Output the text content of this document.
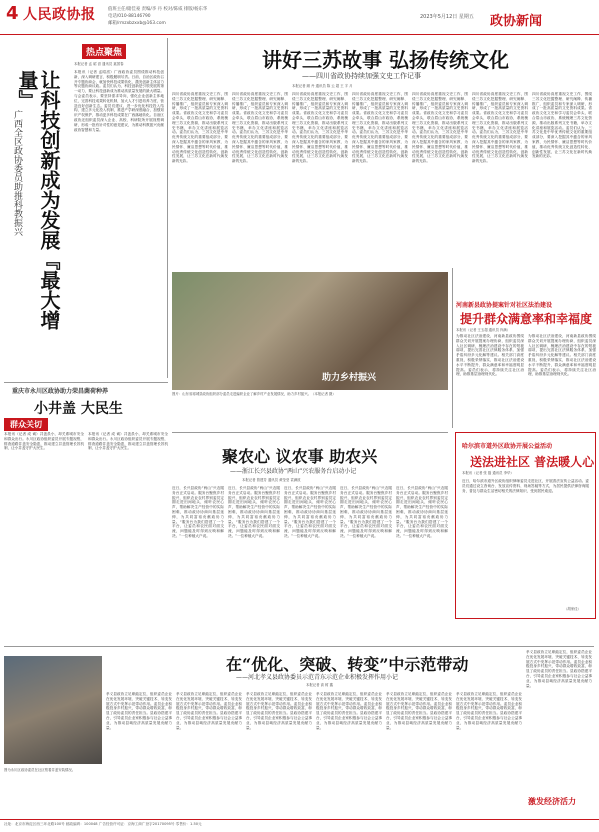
4 人民政协报	值班主任/储佳豪 责编/李 丹 校对/陈威 排版/杨东华
电话/010-88146790
邮箱/rmzxbzxxb@163.com
2023年5月12日 星期五 政协新闻
热点聚焦
让科技创新成为发展『最大增量』
广西全区政协委员助推科教振兴
本报记者 孟 昭 嵩 通讯员 莫国春
本报讯（记者 孟昭嵩）广西政协委员围绕推动科技创新，深入调研建言，积极履职尽责。日前，自治区政协召开专题协商会，就加快科技成果转化、激发创新主体活力等议题协商议政。委员们认为，科技创新是引领发展的第一动力，要让科技创新成为推动高质量发展的最大增量。与会委员表示，要坚持需求导向，强化企业创新主体地位，完善科技成果转化机制，加大人才引进培养力度，营造良好创新生态。委员们建议，进一步优化科技投入结构，建立多元化投入机制，推进产学研深度融合，加强知识产权保护，推动更多科技成果在广西落地转化。自治区政协还组织委员深入企业、高校、科研院所开展视察调研，形成一批有针对性的意见建议，为推动科教振兴贡献政协智慧和力量。
讲好三苏故事 弘扬传统文化
——四川省政协持续加强文史工作记事
本报记者 顾 丹 通讯员 陈 云 超 王 宇 月
四川省政协高度重视文史工作，围绕三苏文化挖掘整理、研究阐释、传播推广，组织委员和专家深入调研，形成了一批高质量的文史资料成果。省政协文化文史和学习委员会牵头，联合眉山市政协，系统梳理三苏文化资源，推动出版系列文史书籍，举办文化讲座和展览活动。委员们认为，三苏文化是中华优秀传统文化的重要组成部分，要深入挖掘其中蕴含的家风家教、为民情怀、廉洁思想等时代价值，推动优秀传统文化创造性转化、创新性发展，让三苏文化在新时代焕发新的光彩。
四川省政协高度重视文史工作，围绕三苏文化挖掘整理、研究阐释、传播推广，组织委员和专家深入调研，形成了一批高质量的文史资料成果。省政协文化文史和学习委员会牵头，联合眉山市政协，系统梳理三苏文化资源，推动出版系列文史书籍，举办文化讲座和展览活动。委员们认为，三苏文化是中华优秀传统文化的重要组成部分，要深入挖掘其中蕴含的家风家教、为民情怀、廉洁思想等时代价值，推动优秀传统文化创造性转化、创新性发展，让三苏文化在新时代焕发新的光彩。
四川省政协高度重视文史工作，围绕三苏文化挖掘整理、研究阐释、传播推广，组织委员和专家深入调研，形成了一批高质量的文史资料成果。省政协文化文史和学习委员会牵头，联合眉山市政协，系统梳理三苏文化资源，推动出版系列文史书籍，举办文化讲座和展览活动。委员们认为，三苏文化是中华优秀传统文化的重要组成部分，要深入挖掘其中蕴含的家风家教、为民情怀、廉洁思想等时代价值，推动优秀传统文化创造性转化、创新性发展，让三苏文化在新时代焕发新的光彩。
四川省政协高度重视文史工作，围绕三苏文化挖掘整理、研究阐释、传播推广，组织委员和专家深入调研，形成了一批高质量的文史资料成果。省政协文化文史和学习委员会牵头，联合眉山市政协，系统梳理三苏文化资源，推动出版系列文史书籍，举办文化讲座和展览活动。委员们认为，三苏文化是中华优秀传统文化的重要组成部分，要深入挖掘其中蕴含的家风家教、为民情怀、廉洁思想等时代价值，推动优秀传统文化创造性转化、创新性发展，让三苏文化在新时代焕发新的光彩。
四川省政协高度重视文史工作，围绕三苏文化挖掘整理、研究阐释、传播推广，组织委员和专家深入调研，形成了一批高质量的文史资料成果。省政协文化文史和学习委员会牵头，联合眉山市政协，系统梳理三苏文化资源，推动出版系列文史书籍，举办文化讲座和展览活动。委员们认为，三苏文化是中华优秀传统文化的重要组成部分，要深入挖掘其中蕴含的家风家教、为民情怀、廉洁思想等时代价值，推动优秀传统文化创造性转化、创新性发展，让三苏文化在新时代焕发新的光彩。
四川省政协高度重视文史工作，围绕三苏文化挖掘整理、研究阐释、传播推广，组织委员和专家深入调研，形成了一批高质量的文史资料成果。省政协文化文史和学习委员会牵头，联合眉山市政协，系统梳理三苏文化资源，推动出版系列文史书籍，举办文化讲座和展览活动。委员们认为，三苏文化是中华优秀传统文化的重要组成部分，要深入挖掘其中蕴含的家风家教、为民情怀、廉洁思想等时代价值，推动优秀传统文化创造性转化、创新性发展，让三苏文化在新时代焕发新的光彩。
四川省政协高度重视文史工作，围绕三苏文化挖掘整理、研究阐释、传播推广，组织委员和专家深入调研，形成了一批高质量的文史资料成果。省政协文化文史和学习委员会牵头，联合眉山市政协，系统梳理三苏文化资源，推动出版系列文史书籍，举办文化讲座和展览活动。委员们认为，三苏文化是中华优秀传统文化的重要组成部分，要深入挖掘其中蕴含的家风家教、为民情怀、廉洁思想等时代价值，推动优秀传统文化创造性转化、创新性发展，让三苏文化在新时代焕发新的光彩。
助力乡村振兴
图片：山东省郯城县政协组织部分委员走进编织企业了解乡村产业发展情况，助力乡村振兴。（本报记者 摄）
河南新县政协提案针对社区法治建设
提升群众满意率和幸福度
本报讯（记者 王玉超 通讯员 肖满）
为推动社区法治建设，河南新县政协围绕群众关切开展提案办理协商，组织委员深入社区调研，梳理法治建设中存在的短板弱项，提出完善社区法律服务体系、加强矛盾纠纷多元化解等建议。相关部门高度重视，积极采纳落实，推动社区法治建设水平不断提升，群众满意率和幸福度明显提高。委员们表示，将持续关注社区治理，助推基层治理现代化。
为推动社区法治建设，河南新县政协围绕群众关切开展提案办理协商，组织委员深入社区调研，梳理法治建设中存在的短板弱项，提出完善社区法律服务体系、加强矛盾纠纷多元化解等建议。相关部门高度重视，积极采纳落实，推动社区法治建设水平不断提升，群众满意率和幸福度明显提高。委员们表示，将持续关注社区治理，助推基层治理现代化。
重庆市永川区政协助力荣昌菌荷种养
小井盖 大民生
群众关切
本报讯（记者 成 诚）井盖虽小，却关系城市安全和群众出行。永川区政协组织委员开展专题视察，排查道路井盖安全隐患，推动建立井盖管理长效机制，让小井盖守护大民生。
本报讯（记者 成 诚）井盖虽小，却关系城市安全和群众出行。永川区政协组织委员开展专题视察，排查道路井盖安全隐患，推动建立井盖管理长效机制，让小井盖守护大民生。	聚农心 议农事 助农兴
——浙江长兴县政协“两山”兴农服务台启动小记
本报记者 曾建芳 通讯员 黄莹莹 袁满波
近日，长兴县政协“两山”兴农服务台正式启动。服务台聚焦乡村振兴，组织农业农村界别委员定期走进田间地头，倾听农民心声，帮助解决生产经营中的实际困难，推动政协协商向基层延伸，为共同富裕贡献政协力量。“服务台为我们搭建了一个平台，让委员和农民面对面交流，问题能及时得到反映和解决。”一位种植大户说。
近日，长兴县政协“两山”兴农服务台正式启动。服务台聚焦乡村振兴，组织农业农村界别委员定期走进田间地头，倾听农民心声，帮助解决生产经营中的实际困难，推动政协协商向基层延伸，为共同富裕贡献政协力量。“服务台为我们搭建了一个平台，让委员和农民面对面交流，问题能及时得到反映和解决。”一位种植大户说。
近日，长兴县政协“两山”兴农服务台正式启动。服务台聚焦乡村振兴，组织农业农村界别委员定期走进田间地头，倾听农民心声，帮助解决生产经营中的实际困难，推动政协协商向基层延伸，为共同富裕贡献政协力量。“服务台为我们搭建了一个平台，让委员和农民面对面交流，问题能及时得到反映和解决。”一位种植大户说。
近日，长兴县政协“两山”兴农服务台正式启动。服务台聚焦乡村振兴，组织农业农村界别委员定期走进田间地头，倾听农民心声，帮助解决生产经营中的实际困难，推动政协协商向基层延伸，为共同富裕贡献政协力量。“服务台为我们搭建了一个平台，让委员和农民面对面交流，问题能及时得到反映和解决。”一位种植大户说。
近日，长兴县政协“两山”兴农服务台正式启动。服务台聚焦乡村振兴，组织农业农村界别委员定期走进田间地头，倾听农民心声，帮助解决生产经营中的实际困难，推动政协协商向基层延伸，为共同富裕贡献政协力量。“服务台为我们搭建了一个平台，让委员和农民面对面交流，问题能及时得到反映和解决。”一位种植大户说。
哈尔滨市道外区政协开展公益活动
送法进社区 普法暖人心
本报讯（记者 张 磊 通讯员 李华）
近日，哈尔滨市道外区政协组织律师委员走进社区，开展普法宣传公益活动。委员们通过设立咨询台、发放宣传资料、现场答疑等方式，为居民提供法律咨询服务，普及与群众生活密切相关的法律知识，受到居民欢迎。
（胡家佳）
图为永川区政协委员在社区察看井盖安装情况。
在“优化、突破、转变”中示范带动
——河北孝义县政协委员示范青东示范企业积极发挥作用小记
本报记者 高 树 鑫
孝义县政协立足职能定位，组织委员企业在优化发展环境、突破关键技术、转变发展方式中发挥示范带动作用。委员企业积极投身乡村振兴，带动群众增收致富，彰显了政协委员的责任担当。县政协搭建平台，引导委员企业家积极参与社会公益事业，为推动县域经济高质量发展贡献力量。
孝义县政协立足职能定位，组织委员企业在优化发展环境、突破关键技术、转变发展方式中发挥示范带动作用。委员企业积极投身乡村振兴，带动群众增收致富，彰显了政协委员的责任担当。县政协搭建平台，引导委员企业家积极参与社会公益事业，为推动县域经济高质量发展贡献力量。
孝义县政协立足职能定位，组织委员企业在优化发展环境、突破关键技术、转变发展方式中发挥示范带动作用。委员企业积极投身乡村振兴，带动群众增收致富，彰显了政协委员的责任担当。县政协搭建平台，引导委员企业家积极参与社会公益事业，为推动县域经济高质量发展贡献力量。
孝义县政协立足职能定位，组织委员企业在优化发展环境、突破关键技术、转变发展方式中发挥示范带动作用。委员企业积极投身乡村振兴，带动群众增收致富，彰显了政协委员的责任担当。县政协搭建平台，引导委员企业家积极参与社会公益事业，为推动县域经济高质量发展贡献力量。
孝义县政协立足职能定位，组织委员企业在优化发展环境、突破关键技术、转变发展方式中发挥示范带动作用。委员企业积极投身乡村振兴，带动群众增收致富，彰显了政协委员的责任担当。县政协搭建平台，引导委员企业家积极参与社会公益事业，为推动县域经济高质量发展贡献力量。
孝义县政协立足职能定位，组织委员企业在优化发展环境、突破关键技术、转变发展方式中发挥示范带动作用。委员企业积极投身乡村振兴，带动群众增收致富，彰显了政协委员的责任担当。县政协搭建平台，引导委员企业家积极参与社会公益事业，为推动县域经济高质量发展贡献力量。
孝义县政协立足职能定位，组织委员企业在优化发展环境、突破关键技术、转变发展方式中发挥示范带动作用。委员企业积极投身乡村振兴，带动群众增收致富，彰显了政协委员的责任担当。县政协搭建平台，引导委员企业家积极参与社会公益事业，为推动县域经济高质量发展贡献力量。
激发经济活力
社址：北京市海淀区西三环北路100号 邮政编码：100048 广告经营许可证：京海工商广登字20170095号 零售价：1.50元
